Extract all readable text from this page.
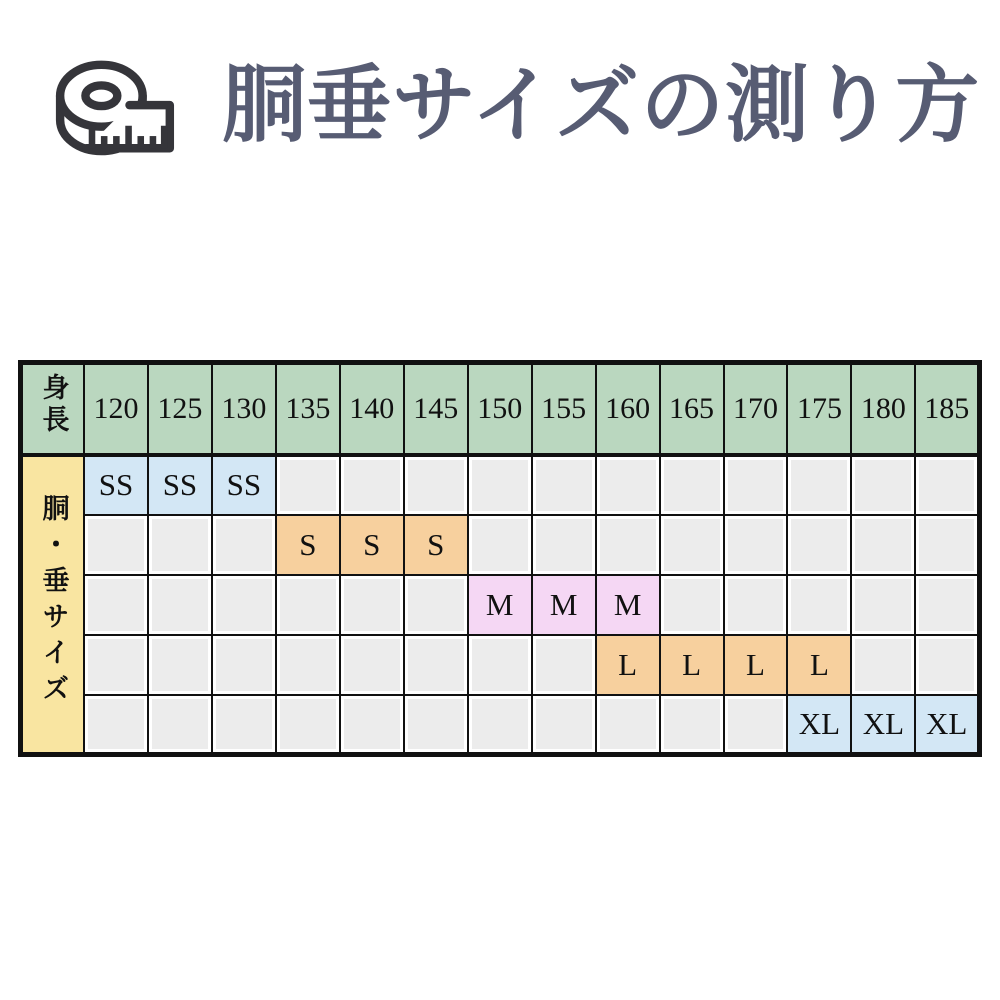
胴垂サイズの測り方
身長	120	125	130	135	140	145	150	155	160	165	170	175	180	185
胴・垂サイズ	SS	SS	SS											
				S	S	S								
							M	M	M					
									L	L	L	L		
												XL	XL	XL
